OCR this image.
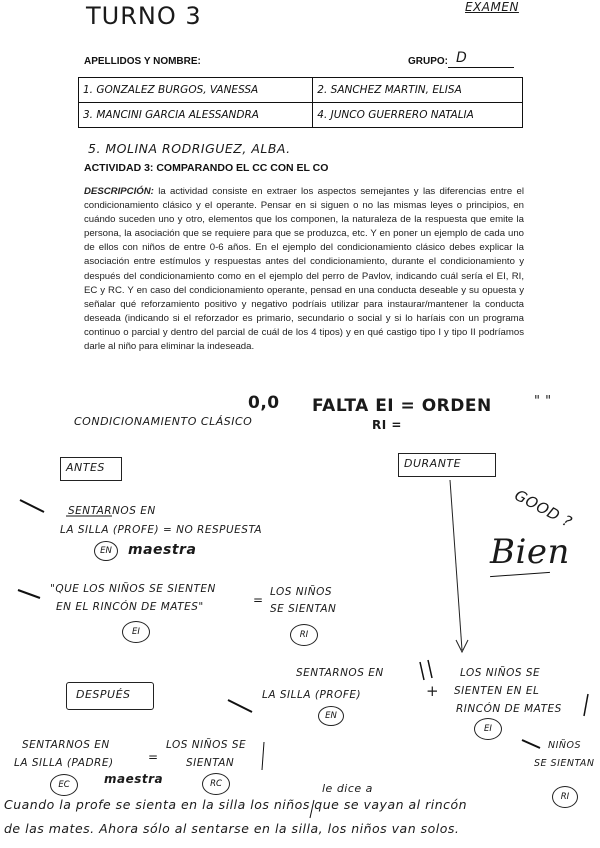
TURNO 3	EXAMEN
APELLIDOS Y NOMBRE:	GRUPO: D
1. GONZALEZ BURGOS, VANESSA	2. SANCHEZ MARTIN, ELISA
3. MANCINI GARCIA ALESSANDRA	4. JUNCO GUERRERO NATALIA
5. MOLINA RODRIGUEZ, ALBA.
ACTIVIDAD 3: COMPARANDO EL CC CON EL CO
DESCRIPCIÓN: la actividad consiste en extraer los aspectos semejantes y las diferencias entre el condicionamiento clásico y el operante. Pensar en si siguen o no las mismas leyes o principios, en cuándo suceden uno y otro, elementos que los componen, la naturaleza de la respuesta que emite la persona, la asociación que se requiere para que se produzca, etc. Y en poner un ejemplo de cada uno de ellos con niños de entre 0-6 años. En el ejemplo del condicionamiento clásico debes explicar la asociación entre estímulos y respuestas antes del condicionamiento, durante el condicionamiento y después del condicionamiento como en el ejemplo del perro de Pavlov, indicando cuál sería el EI, RI, EC y RC. Y en caso del condicionamiento operante, pensad en una conducta deseable y su opuesta y señalar qué reforzamiento positivo y negativo podríais utilizar para instaurar/mantener la conducta deseada (indicando si el reforzador es primario, secundario o social y si lo haríais con un programa continuo o parcial y dentro del parcial de cuál de los 4 tipos) y en qué castigo tipo I y tipo II podríamos darle al niño para eliminar la indeseada.
0,0 FALTA EI = ORDEN	" "
RI =
CONDICIONAMIENTO CLÁSICO
ANTES	DURANTE
GOOD ?
Bien
SENTARNOS EN
LA SILLA (PROFE) = NO RESPUESTA
EN	maestra
"QUE LOS NIÑOS SE SIENTEN
EN EL RINCÓN DE MATES"
EI
=
LOS NIÑOS
SE SIENTAN
RI
SENTARNOS EN
LA SILLA (PROFE)
EN
+
LOS NIÑOS SE
SIENTEN EN EL
RINCÓN DE MATES
EI
DESPUÉS
SENTARNOS EN
LA SILLA (PADRE)	=
EC	maestra
LOS NIÑOS SE
SIENTAN
RC
NIÑOS
SE SIENTAN
RI
le dice a
Cuando la profe se sienta en la silla los niños que se vayan al rincón
de las mates. Ahora sólo al sentarse en la silla, los niños van solos.
